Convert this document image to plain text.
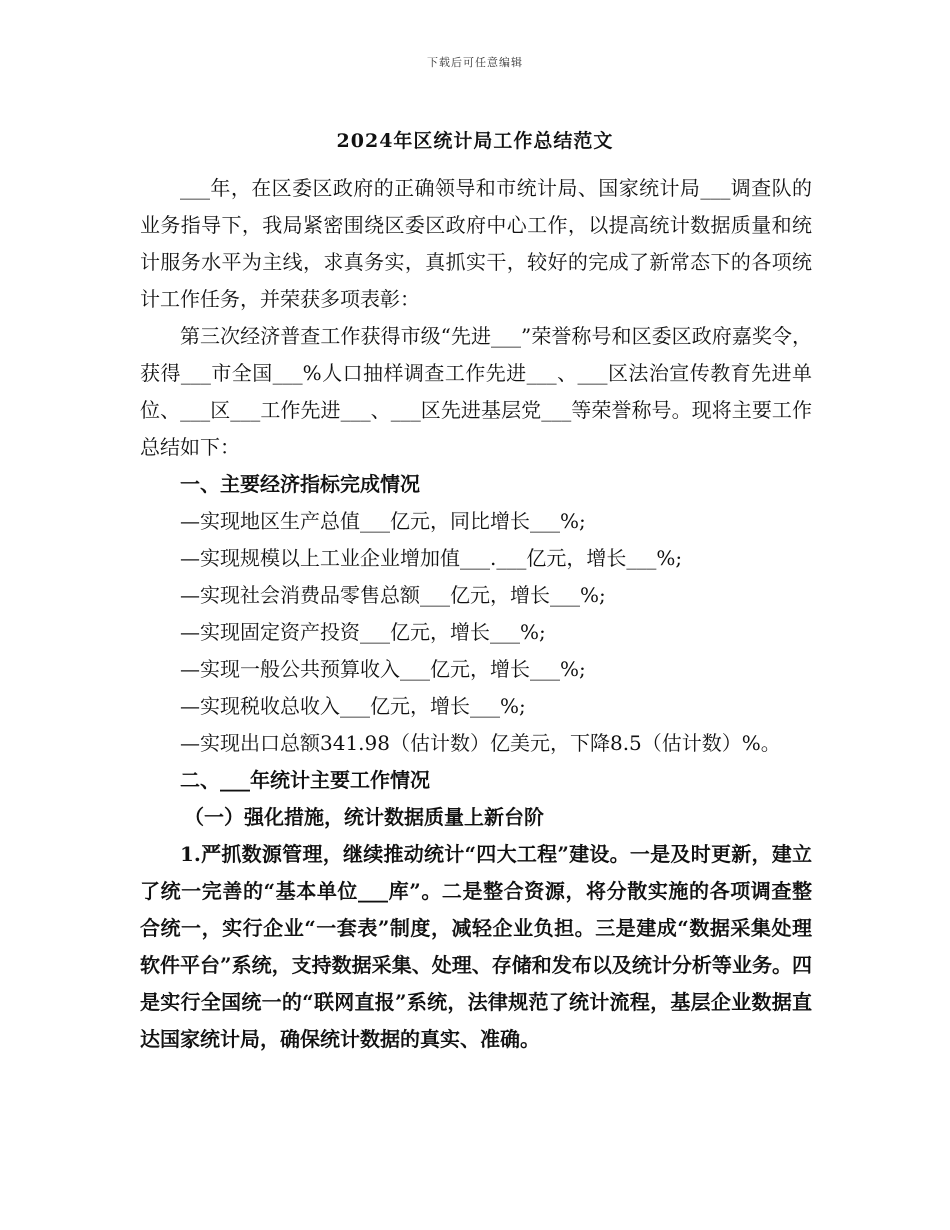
下载后可任意编辑
2024年区统计局工作总结范文

___年，在区委区政府的正确领导和市统计局、国家统计局___调查队的业务指导下，我局紧密围绕区委区政府中心工作，以提高统计数据质量和统计服务水平为主线，求真务实，真抓实干，较好的完成了新常态下的各项统计工作任务，并荣获多项表彰：

第三次经济普查工作获得市级“先进___”荣誉称号和区委区政府嘉奖令，获得___市全国___%人口抽样调查工作先进___、___区法治宣传教育先进单位、___区___工作先进___、___区先进基层党___等荣誉称号。现将主要工作总结如下：

一、主要经济指标完成情况

—实现地区生产总值___亿元，同比增长___%;

—实现规模以上工业企业增加值___.___亿元，增长___%;

—实现社会消费品零售总额___亿元，增长___%;

—实现固定资产投资___亿元，增长___%;

—实现一般公共预算收入___亿元，增长___%;

—实现税收总收入___亿元，增长___%;

—实现出口总额341.98（估计数）亿美元，下降8.5（估计数）%。

二、___年统计主要工作情况

（一）强化措施，统计数据质量上新台阶

1.严抓数源管理，继续推动统计“四大工程”建设。一是及时更新，建立了统一完善的“基本单位___库”。二是整合资源，将分散实施的各项调查整合统一，实行企业“一套表”制度，减轻企业负担。三是建成“数据采集处理软件平台”系统，支持数据采集、处理、存储和发布以及统计分析等业务。四是实行全国统一的“联网直报”系统，法律规范了统计流程，基层企业数据直达国家统计局，确保统计数据的真实、准确。
